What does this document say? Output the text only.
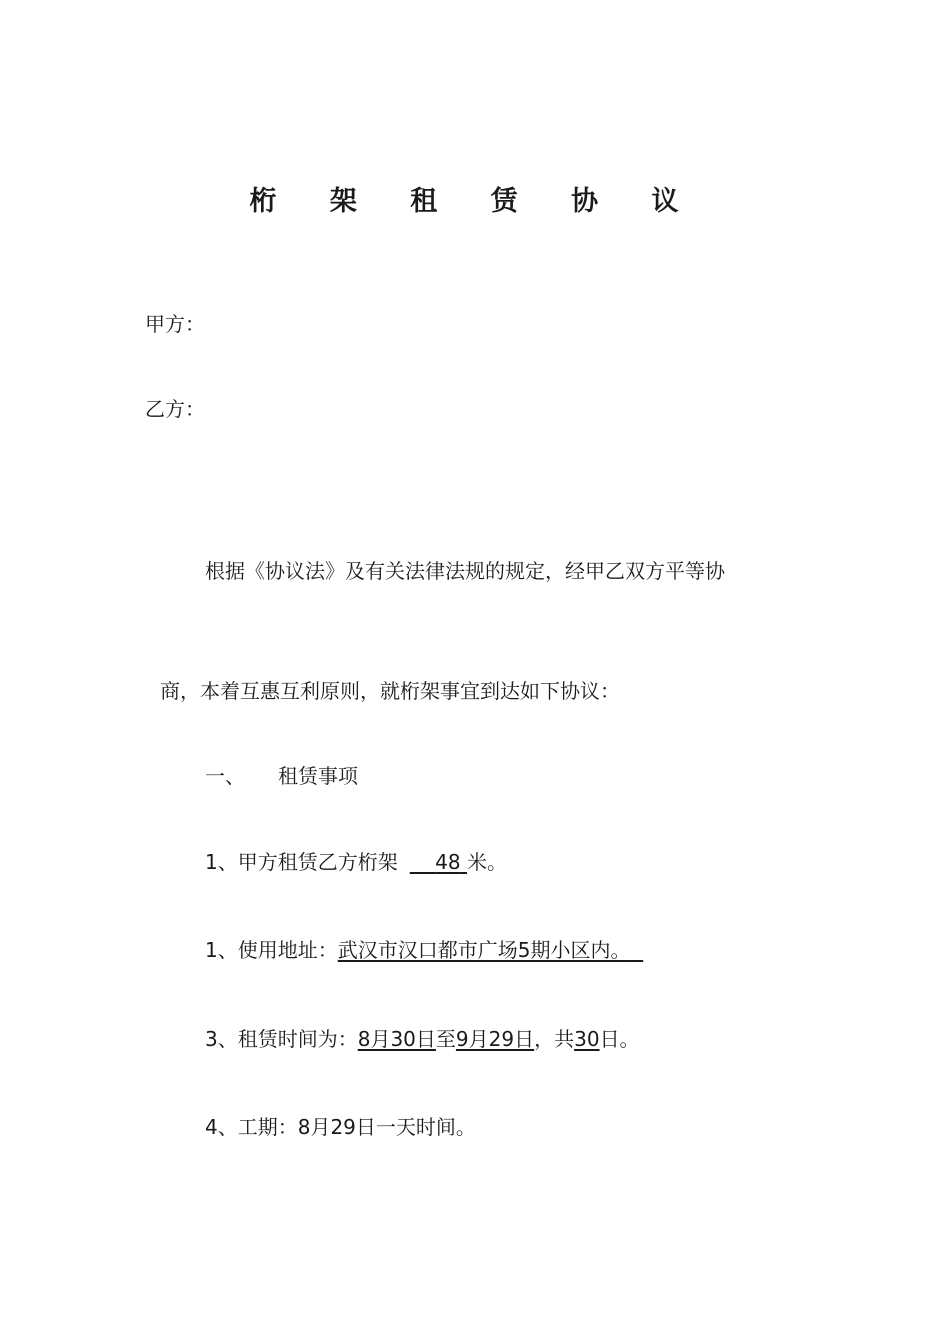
桁 架 租 赁 协 议
甲方：
乙方：
根据《协议法》及有关法律法规的规定，经甲乙双方平等协
商，本着互惠互利原则，就桁架事宜到达如下协议：
一、 租赁事项
1、甲方租赁乙方桁架 48 米。
1、使用地址：武汉市汉口都市广场5期小区内。
3、租赁时间为：8月30日至9月29日，共30日。
4、工期：8月29日一天时间。
